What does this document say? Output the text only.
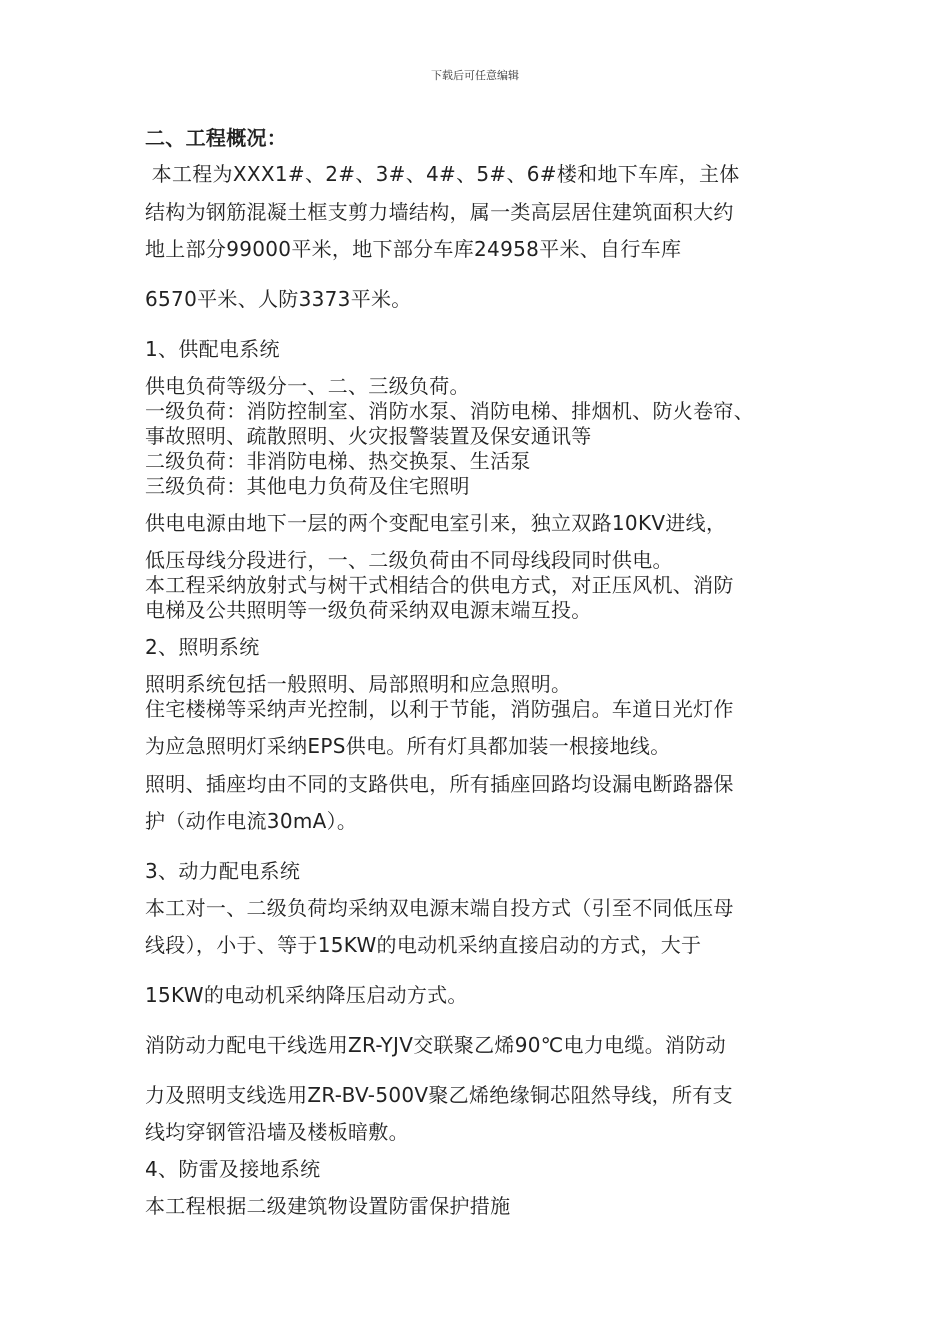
下载后可任意编辑
二、工程概况：
本工程为XXX1#、2#、3#、4#、5#、6#楼和地下车库，主体
结构为钢筋混凝土框支剪力墙结构，属一类高层居住建筑面积大约
地上部分99000平米，地下部分车库24958平米、自行车库
6570平米、人防3373平米。
1、供配电系统
供电负荷等级分一、二、三级负荷。
一级负荷：消防控制室、消防水泵、消防电梯、排烟机、防火卷帘、
事故照明、疏散照明、火灾报警装置及保安通讯等
二级负荷：非消防电梯、热交换泵、生活泵
三级负荷：其他电力负荷及住宅照明
供电电源由地下一层的两个变配电室引来，独立双路10KV进线，
低压母线分段进行，一、二级负荷由不同母线段同时供电。
本工程采纳放射式与树干式相结合的供电方式，对正压风机、消防
电梯及公共照明等一级负荷采纳双电源末端互投。
2、照明系统
照明系统包括一般照明、局部照明和应急照明。
住宅楼梯等采纳声光控制，以利于节能，消防强启。车道日光灯作
为应急照明灯采纳EPS供电。所有灯具都加装一根接地线。
照明、插座均由不同的支路供电，所有插座回路均设漏电断路器保
护（动作电流30mA）。
3、动力配电系统
本工对一、二级负荷均采纳双电源末端自投方式（引至不同低压母
线段），小于、等于15KW的电动机采纳直接启动的方式，大于
15KW的电动机采纳降压启动方式。
消防动力配电干线选用ZR-YJV交联聚乙烯90℃电力电缆。消防动
力及照明支线选用ZR-BV-500V聚乙烯绝缘铜芯阻然导线，所有支
线均穿钢管沿墙及楼板暗敷。
4、防雷及接地系统
本工程根据二级建筑物设置防雷保护措施
